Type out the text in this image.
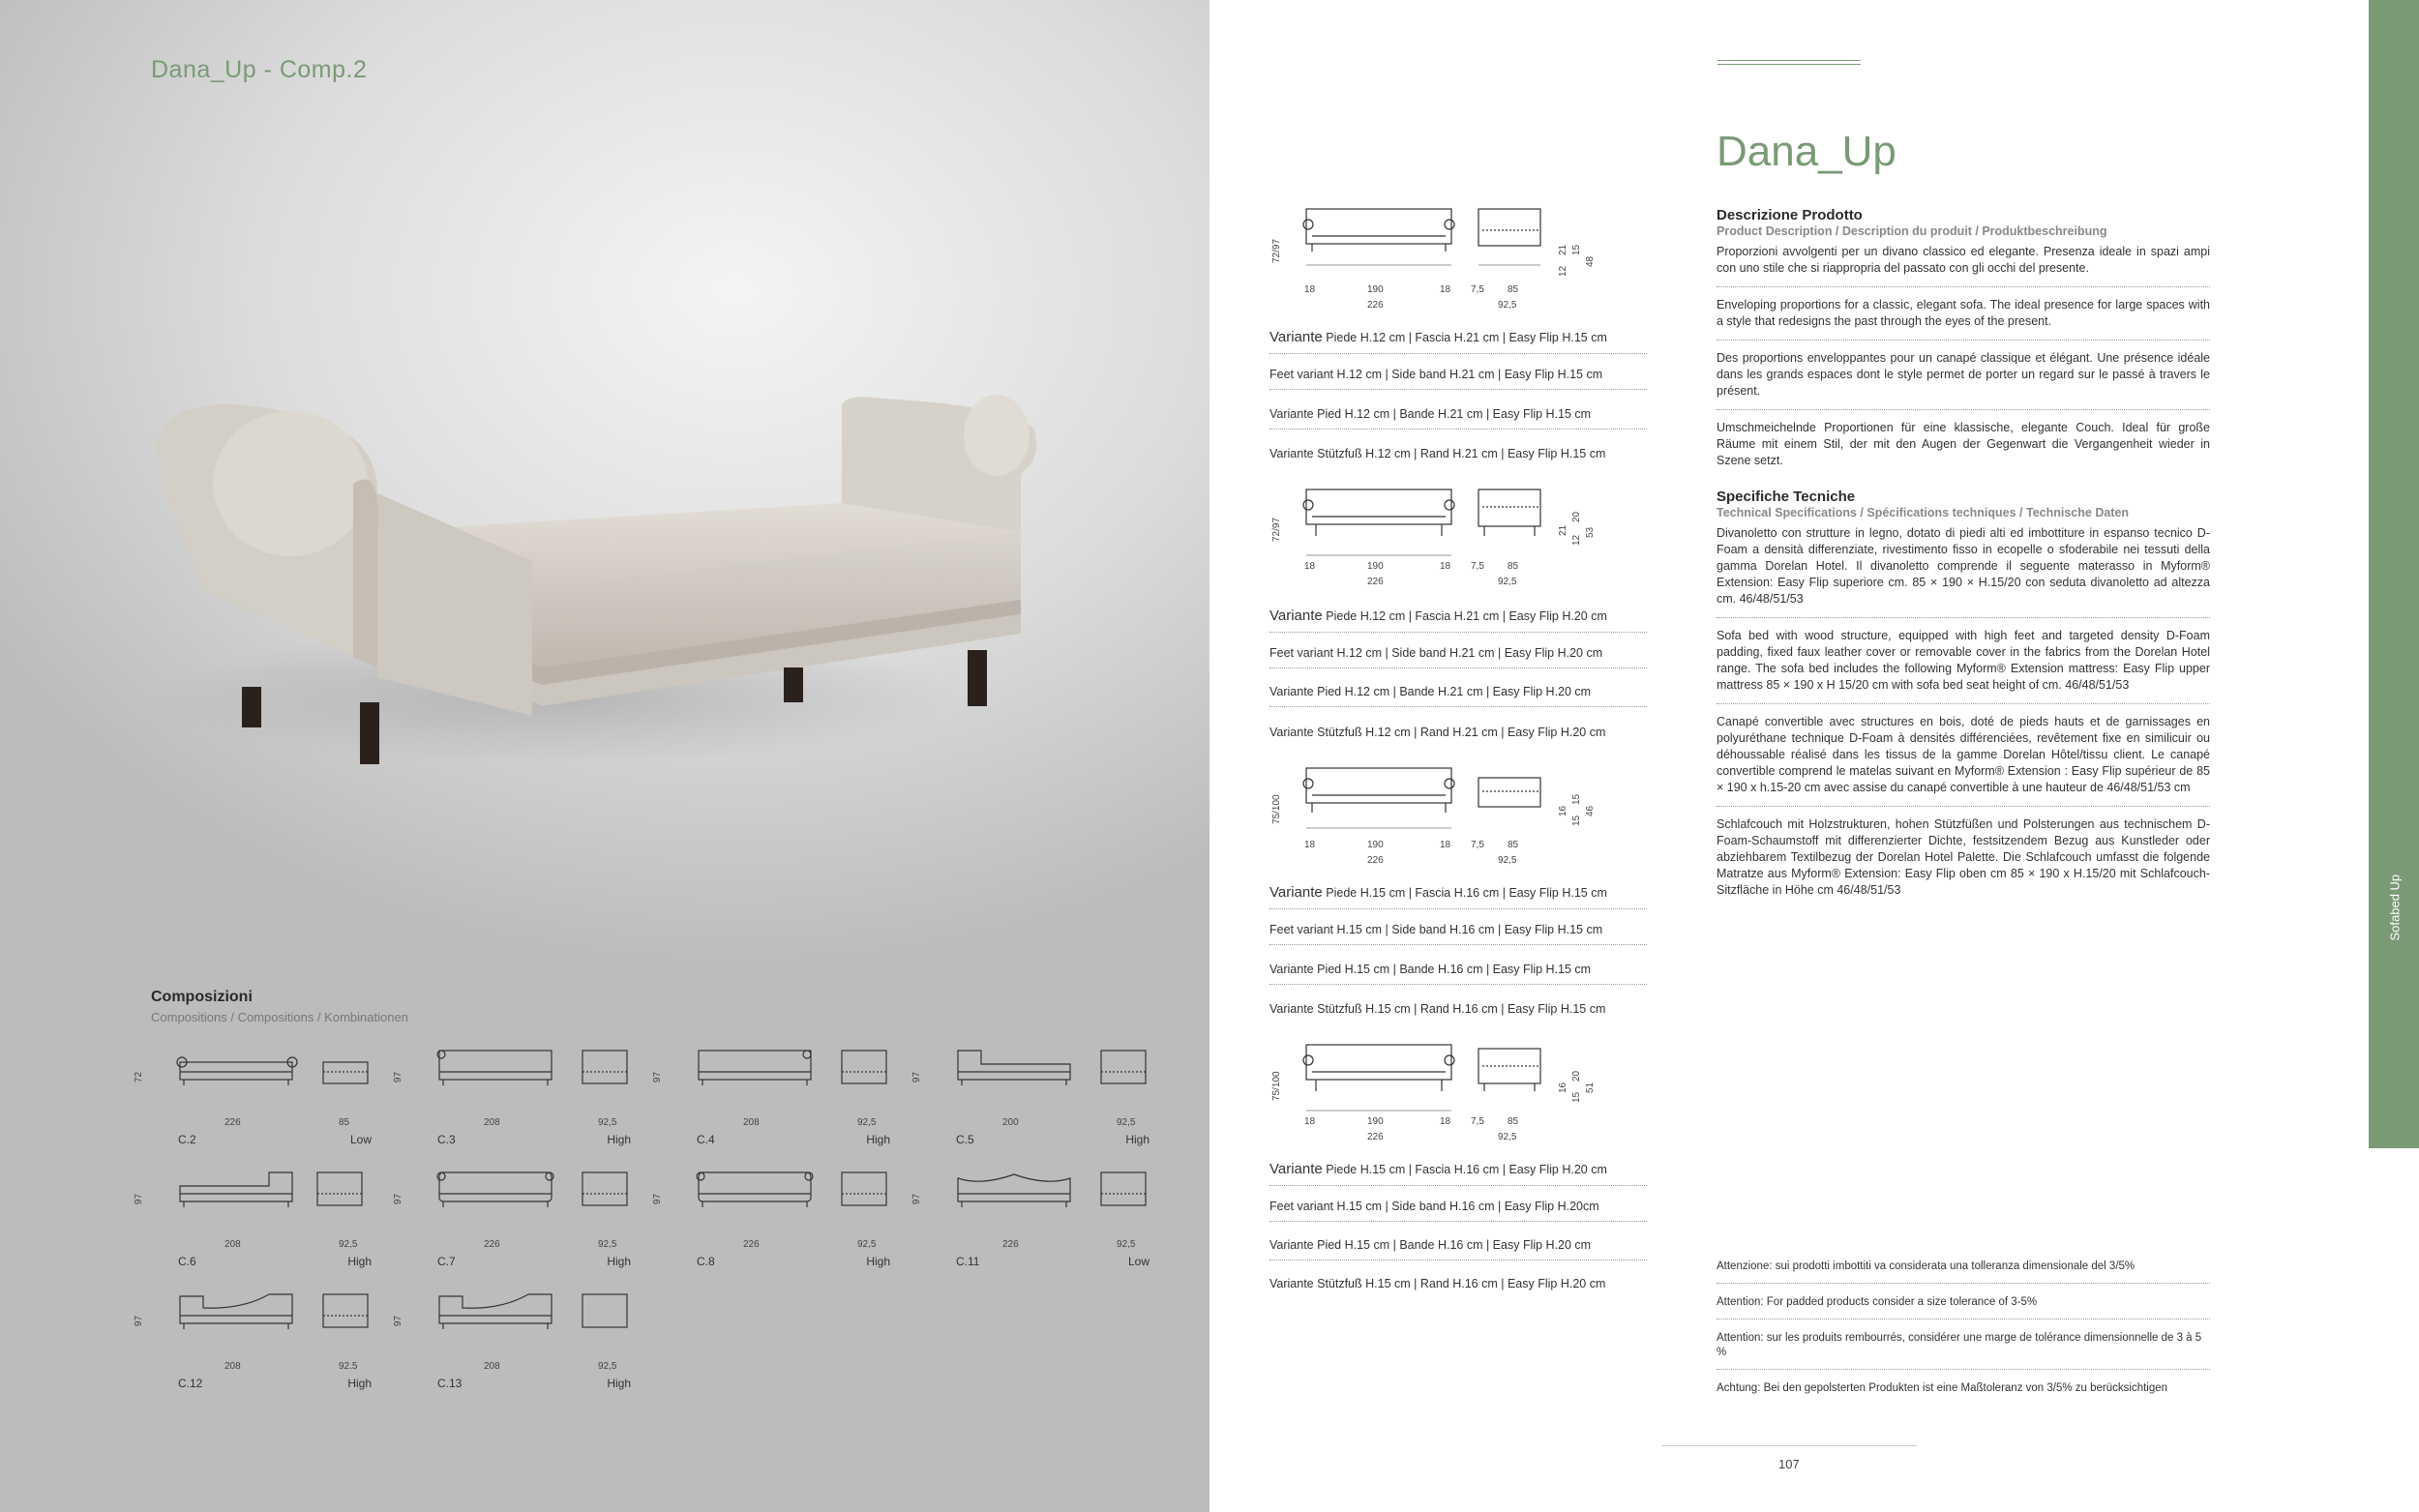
Dana_Up - Comp.2
Composizioni
Compositions / Compositions / Kombinationen
72
226	85
C.2	Low
97
208	92,5
C.3	High
97
208	92,5
C.4	High
97
200	92,5
C.5	High
97
208	92,5
C.6	High
97
226	92,5
C.7	High
97
226	92,5
C.8	High
97
226	92,5
C.11	Low
97
208	92.5
C.12	High
97
208	92,5
C.13	High
Dana_Up
72/97	21 15
12
48
18	190	18 7,5 85
226	92,5
Variante Piede H.12 cm | Fascia H.21 cm | Easy Flip H.15 cm
Feet variant H.12 cm | Side band H.21 cm | Easy Flip H.15 cm
Variante Pied H.12 cm | Bande H.21 cm | Easy Flip H.15 cm
Variante Stützfuß H.12 cm | Rand H.21 cm | Easy Flip H.15 cm
72/97	21
20
12
53
18	190	18 7,5 85
226	92,5
Variante Piede H.12 cm | Fascia H.21 cm | Easy Flip H.20 cm
Feet variant H.12 cm | Side band H.21 cm | Easy Flip H.20 cm
Variante Pied H.12 cm | Bande H.21 cm | Easy Flip H.20 cm
Variante Stützfuß H.12 cm | Rand H.21 cm | Easy Flip H.20 cm
75/100	16
15
15
46
18	190	18 7,5 85
226	92,5
Variante Piede H.15 cm | Fascia H.16 cm | Easy Flip H.15 cm
Feet variant H.15 cm | Side band H.16 cm | Easy Flip H.15 cm
Variante Pied H.15 cm | Bande H.16 cm | Easy Flip H.15 cm
Variante Stützfuß H.15 cm | Rand H.16 cm | Easy Flip H.15 cm
75/100	16
20
15
51
18	190	18 7,5 85
226	92,5
Variante Piede H.15 cm | Fascia H.16 cm | Easy Flip H.20 cm
Feet variant H.15 cm | Side band H.16 cm | Easy Flip H.20cm
Variante Pied H.15 cm | Bande H.16 cm | Easy Flip H.20 cm
Variante Stützfuß H.15 cm | Rand H.16 cm | Easy Flip H.20 cm
Descrizione Prodotto
Product Description / Description du produit / Produktbeschreibung

Proporzioni avvolgenti per un divano classico ed elegante. Presenza ideale in spazi ampi con uno stile che si riappropria del passato con gli occhi del presente.

Enveloping proportions for a classic, elegant sofa. The ideal presence for large spaces with a style that redesigns the past through the eyes of the present.

Des proportions enveloppantes pour un canapé classique et élégant. Une présence idéale dans les grands espaces dont le style permet de porter un regard sur le passé à travers le présent.

Umschmeichelnde Proportionen für eine klassische, elegante Couch. Ideal für große Räume mit einem Stil, der mit den Augen der Gegenwart die Vergangenheit wieder in Szene setzt.

Specifiche Tecniche
Technical Specifications / Spécifications techniques / Technische Daten

Divanoletto con strutture in legno, dotato di piedi alti ed imbottiture in espanso tecnico D-Foam a densità differenziate, rivestimento fisso in ecopelle o sfoderabile nei tessuti della gamma Dorelan Hotel. Il divanoletto comprende il seguente materasso in Myform® Extension: Easy Flip superiore cm. 85 × 190 × H.15/20 con seduta divanoletto ad altezza cm. 46/48/51/53

Sofa bed with wood structure, equipped with high feet and targeted density D-Foam padding, fixed faux leather cover or removable cover in the fabrics from the Dorelan Hotel range. The sofa bed includes the following Myform® Extension mattress: Easy Flip upper mattress 85 × 190 x H 15/20 cm with sofa bed seat height of cm. 46/48/51/53

Canapé convertible avec structures en bois, doté de pieds hauts et de garnissages en polyuréthane technique D-Foam à densités différenciées, revêtement fixe en similicuir ou déhoussable réalisé dans les tissus de la gamme Dorelan Hôtel/tissu client. Le canapé convertible comprend le matelas suivant en Myform® Extension : Easy Flip supérieur de 85 × 190 x h.15-20 cm avec assise du canapé convertible à une hauteur de 46/48/51/53 cm

Schlafcouch mit Holzstrukturen, hohen Stützfüßen und Polsterungen aus technischem D-Foam-Schaumstoff mit differenzierter Dichte, festsitzendem Bezug aus Kunstleder oder abziehbarem Textilbezug der Dorelan Hotel Palette. Die Schlafcouch umfasst die folgende Matratze aus Myform® Extension: Easy Flip oben cm 85 × 190 x H.15/20 mit Schlafcouch-Sitzfläche in Höhe cm 46/48/51/53

Attenzione: sui prodotti imbottiti va considerata una tolleranza dimensionale del 3/5%
Attention: For padded products consider a size tolerance of 3-5%
Attention: sur les produits rembourrés, considérer une marge de tolérance dimensionnelle de 3 à 5 %
Achtung: Bei den gepolsterten Produkten ist eine Maßtoleranz von 3/5% zu berücksichtigen
107
